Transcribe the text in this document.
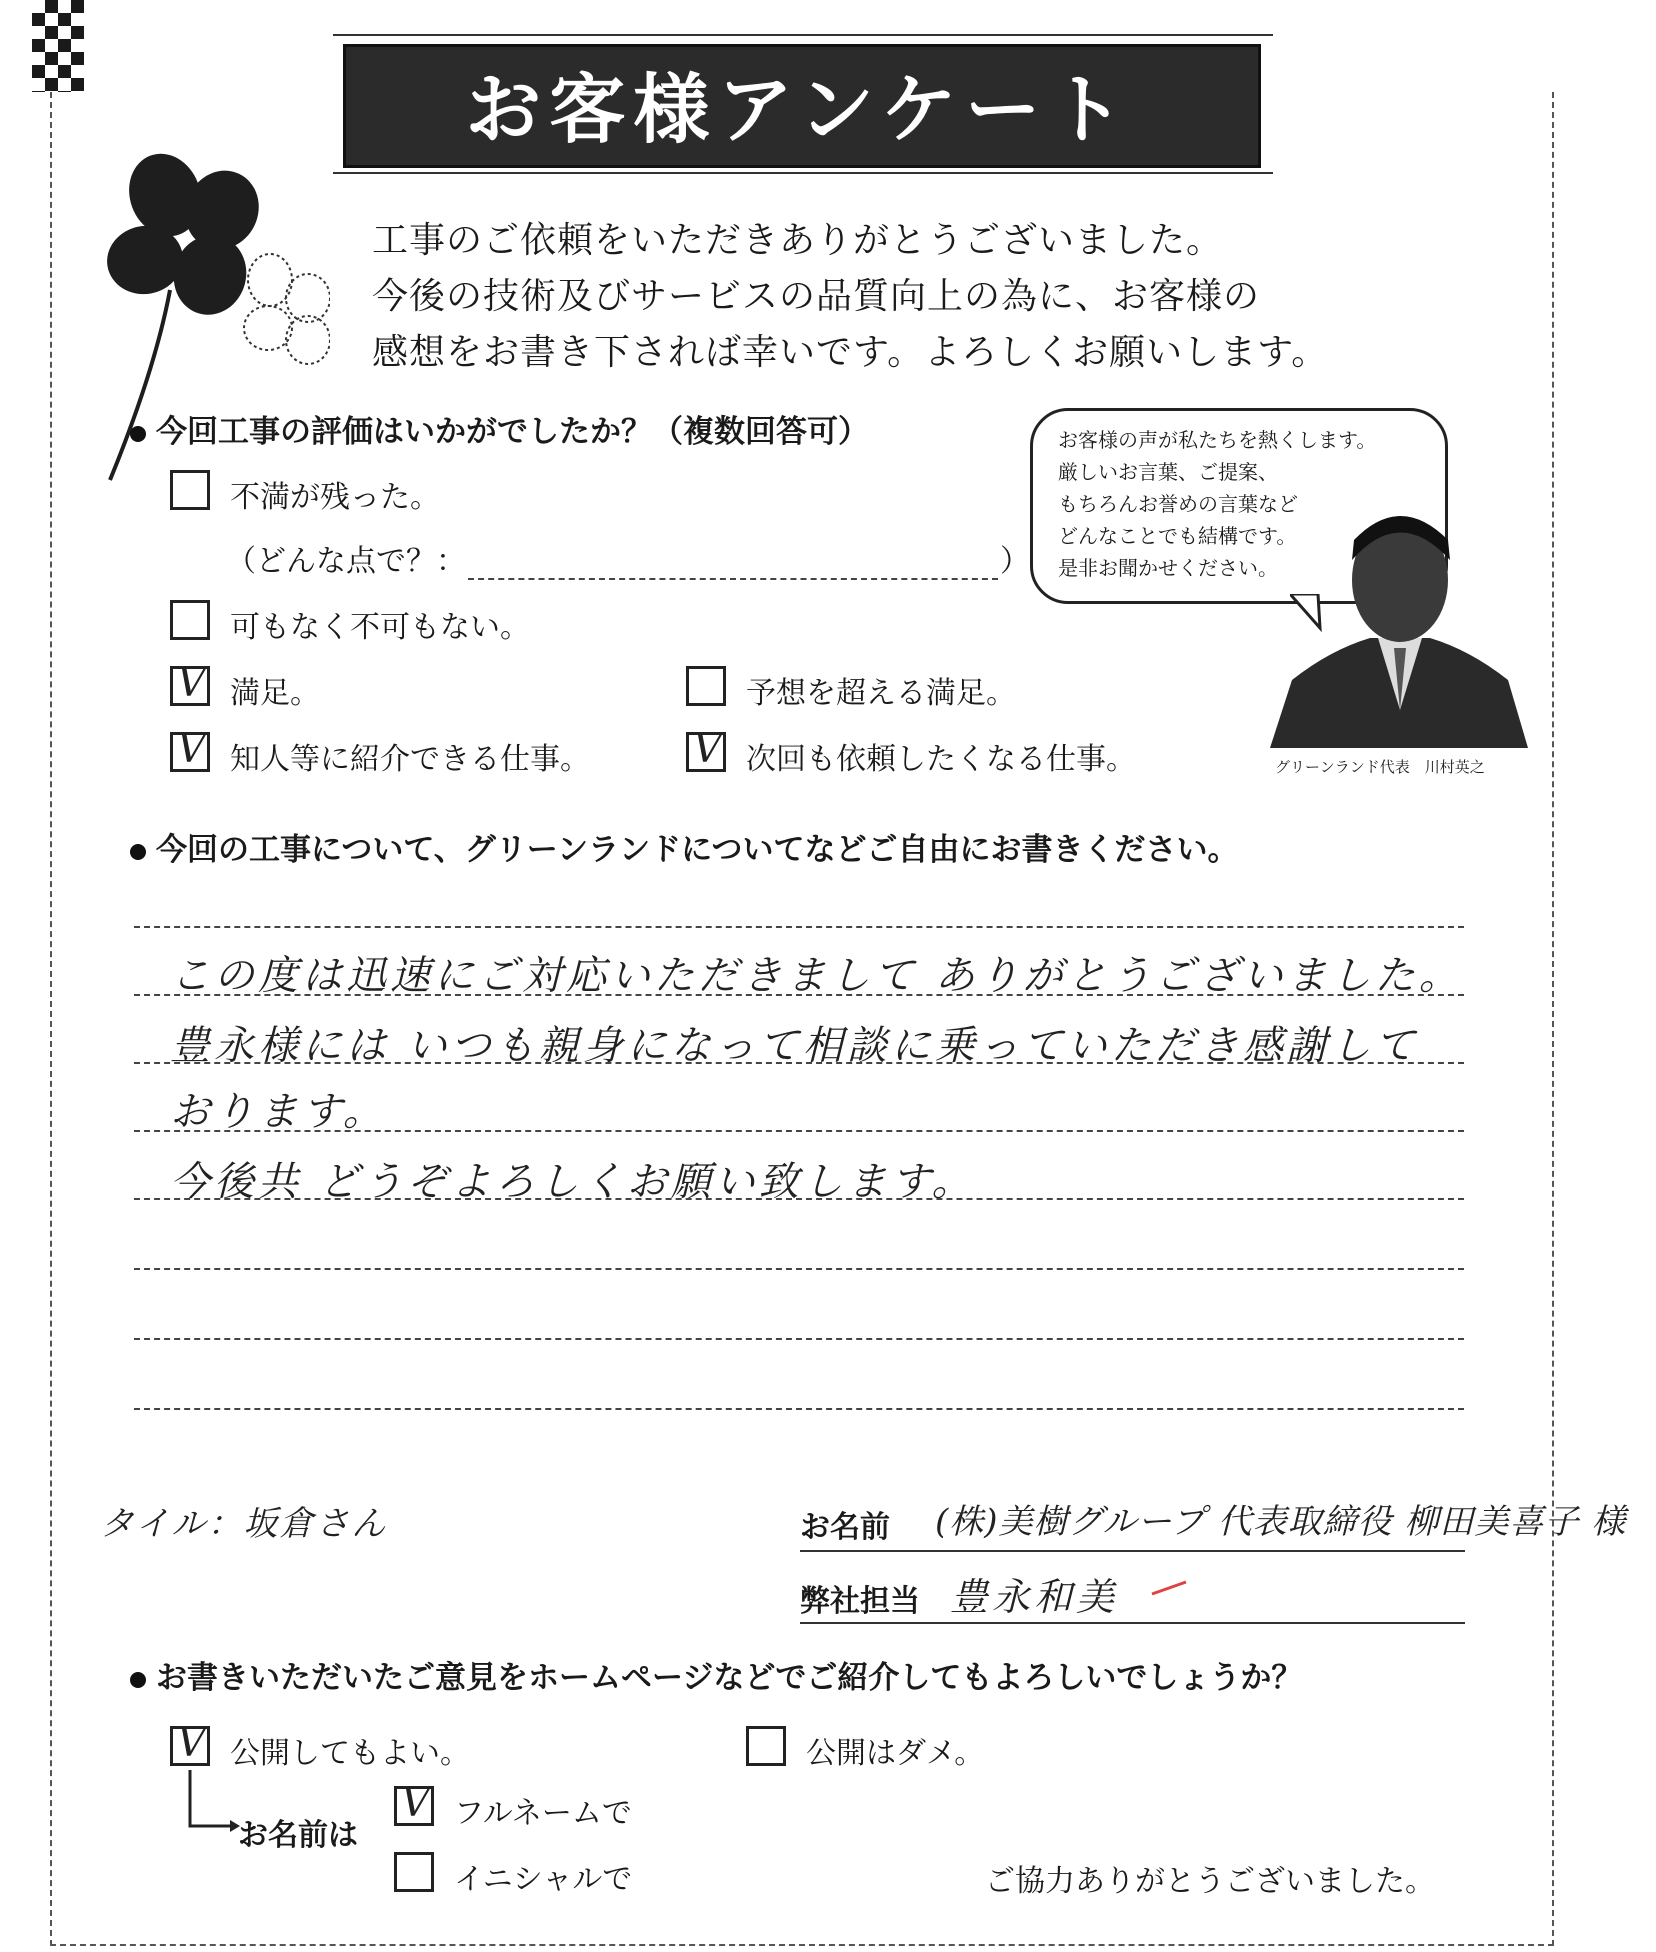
お客様アンケート
工事のご依頼をいただきありがとうございました。
今後の技術及びサービスの品質向上の為に、お客様の
感想をお書き下されば幸いです。よろしくお願いします。
今回工事の評価はいかがでしたか？（複数回答可）
不満が残った。
（どんな点で？：	）
可もなく不可もない。
V 満足。	予想を超える満足。
V 知人等に紹介できる仕事。	V 次回も依頼したくなる仕事。
お客様の声が私たちを熱くします。
厳しいお言葉、ご提案、
もちろんお誉めの言葉など
どんなことでも結構です。
是非お聞かせください。
グリーンランド代表　川村英之
今回の工事について、グリーンランドについてなどご自由にお書きください。
この度は迅速にご対応いただきまして ありがとうございました。
豊永様には いつも親身になって相談に乗っていただき感謝して
おります。
今後共 どうぞよろしくお願い致します。
タイル：坂倉さん	お名前 (株)美樹グループ 代表取締役 柳田美喜子 様
弊社担当 豊永和美
お書きいただいたご意見をホームページなどでご紹介してもよろしいでしょうか？
V 公開してもよい。	公開はダメ。
お名前は
V フルネームで
イニシャルで	ご協力ありがとうございました。
